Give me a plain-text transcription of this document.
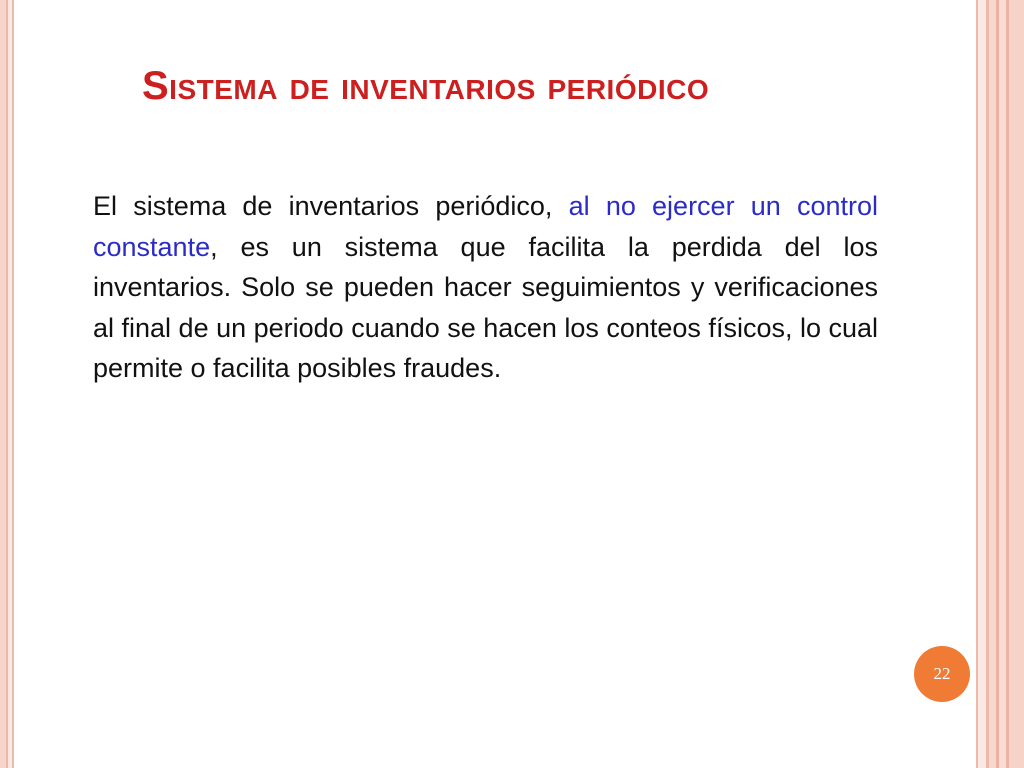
Sistema de inventarios periódico

El sistema de inventarios periódico, al no ejercer un control constante, es un sistema que facilita la perdida del los inventarios. Solo se pueden hacer seguimientos y verificaciones al final de un periodo cuando se hacen los conteos físicos, lo cual permite o facilita posibles fraudes.

22
